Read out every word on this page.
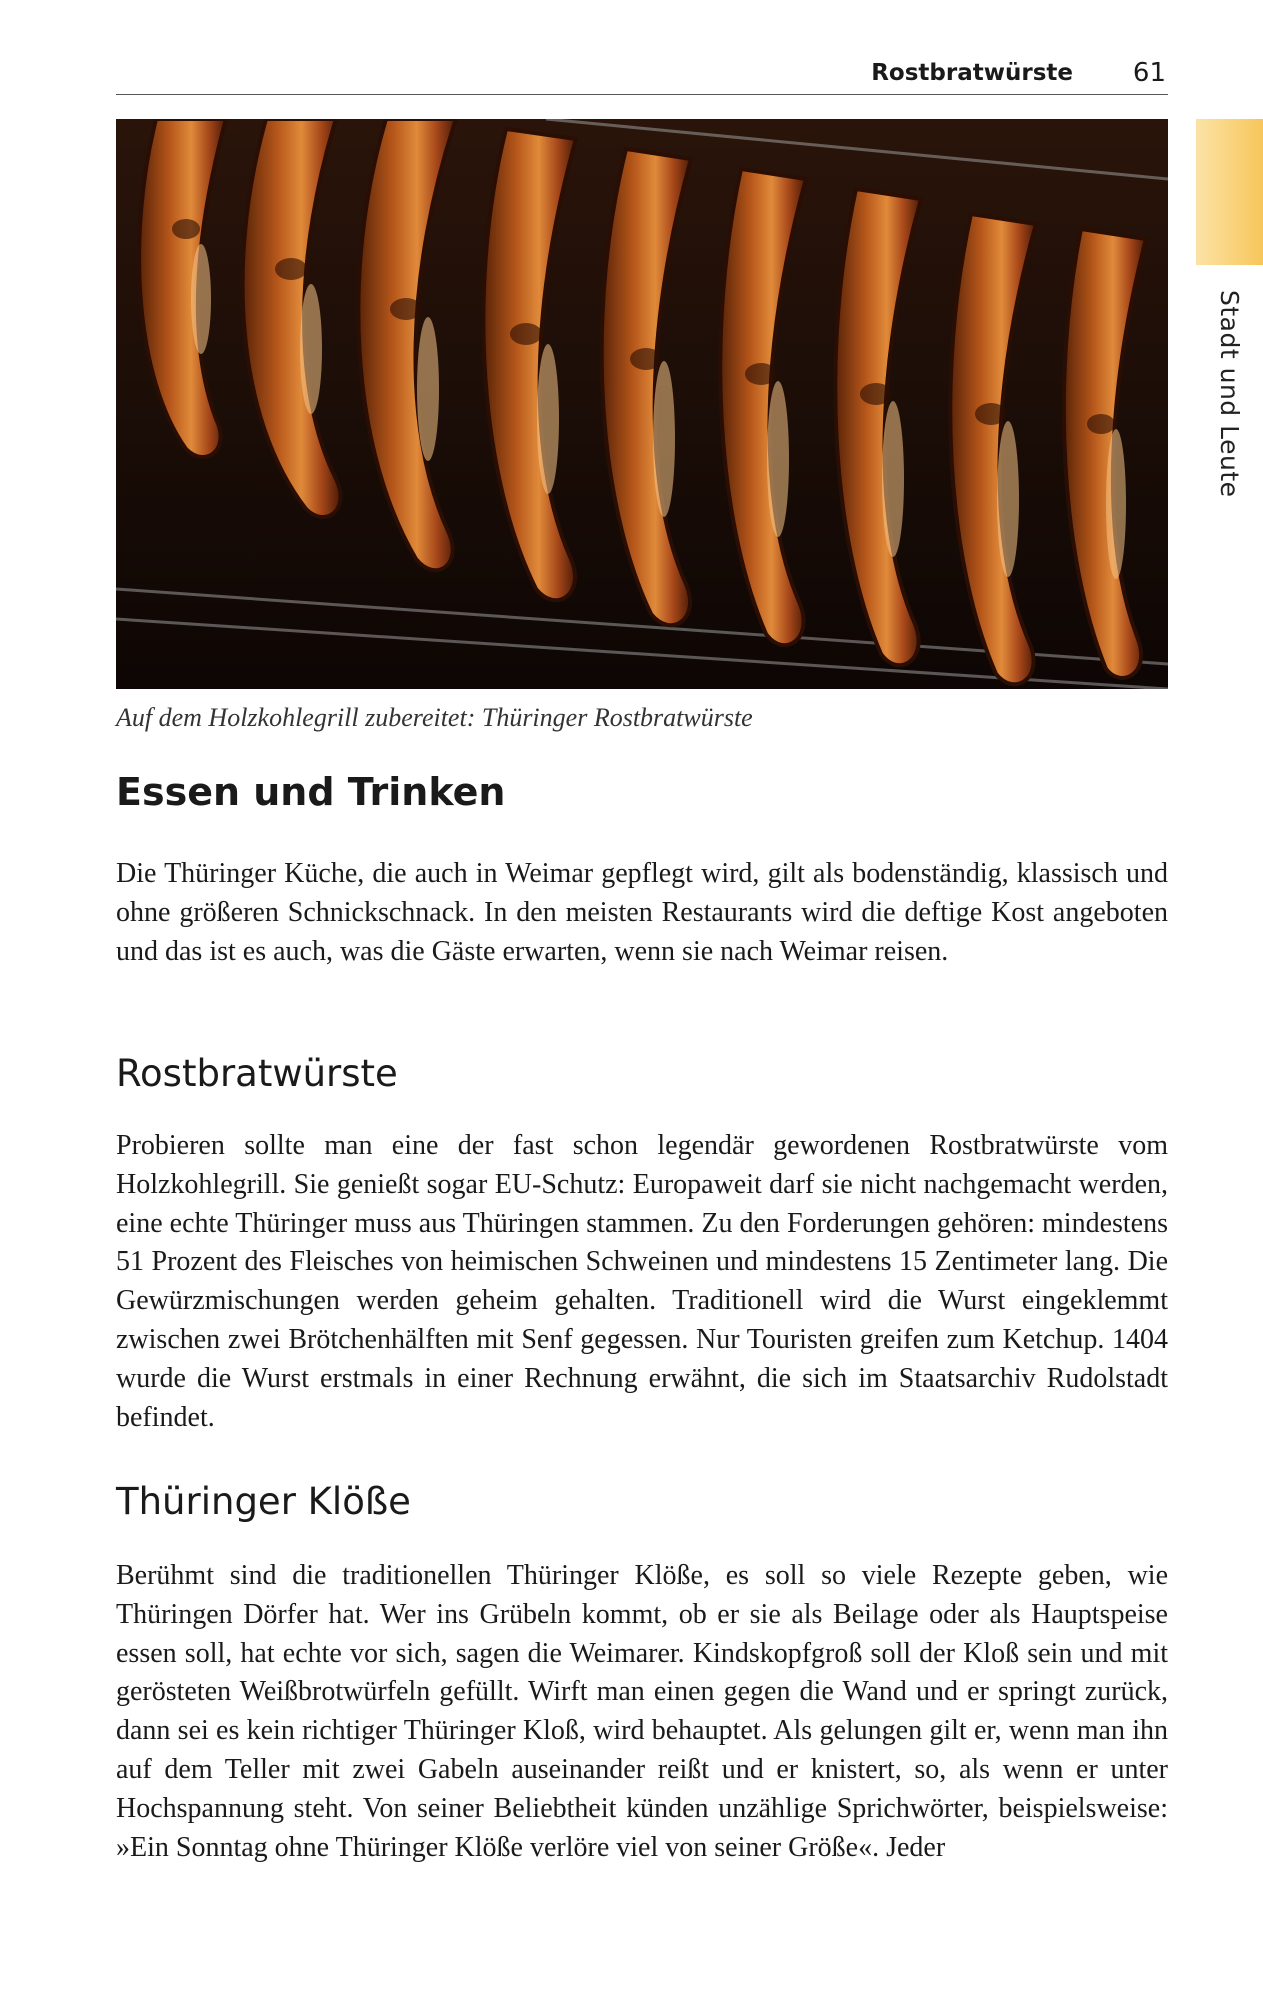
Rostbratwürste 61
Stadt und Leute
Auf dem Holzkohlegrill zubereitet: Thüringer Rostbratwürste
Essen und Trinken

Die Thüringer Küche, die auch in Weimar gepflegt wird, gilt als bodenständig, klassisch und ohne größeren Schnickschnack. In den meisten Restaurants wird die deftige Kost angeboten und das ist es auch, was die Gäste erwarten, wenn sie nach Weimar reisen.

Rostbratwürste

Probieren sollte man eine der fast schon legendär gewordenen Rostbratwürste vom Holzkohlegrill. Sie genießt sogar EU-Schutz: Europaweit darf sie nicht nachgemacht werden, eine echte Thüringer muss aus Thüringen stammen. Zu den Forderungen gehören: mindestens 51 Prozent des Fleisches von heimischen Schweinen und mindestens 15 Zentimeter lang. Die Gewürzmischungen werden geheim gehalten. Traditionell wird die Wurst eingeklemmt zwischen zwei Brötchenhälften mit Senf gegessen. Nur Touristen greifen zum Ketchup. 1404 wurde die Wurst erstmals in einer Rechnung erwähnt, die sich im Staatsarchiv Rudolstadt befindet.

Thüringer Klöße

Berühmt sind die traditionellen Thüringer Klöße, es soll so viele Rezepte geben, wie Thüringen Dörfer hat. Wer ins Grübeln kommt, ob er sie als Beilage oder als Hauptspeise essen soll, hat echte vor sich, sagen die Weimarer. Kindskopfgroß soll der Kloß sein und mit gerösteten Weißbrotwürfeln gefüllt. Wirft man einen gegen die Wand und er springt zurück, dann sei es kein richtiger Thüringer Kloß, wird behauptet. Als gelungen gilt er, wenn man ihn auf dem Teller mit zwei Gabeln auseinander reißt und er knistert, so, als wenn er unter Hochspannung steht. Von seiner Beliebtheit künden unzählige Sprichwörter, beispielsweise: »Ein Sonntag ohne Thüringer Klöße verlöre viel von seiner Größe«. Jeder
